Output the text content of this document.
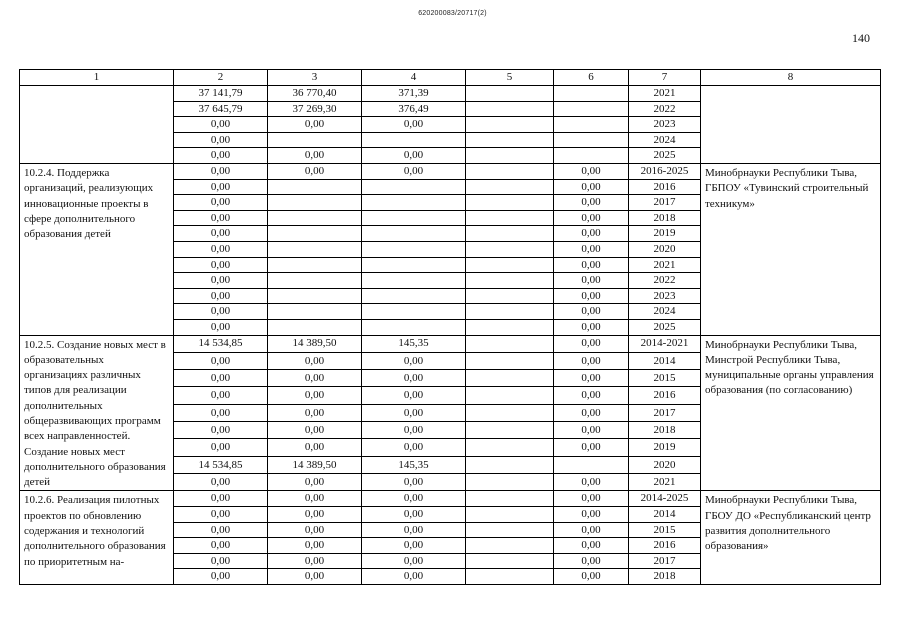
620200083/20717(2)
140
1	2	3	4	5	6	7	8
	37 141,79	36 770,40	371,39			2021	
	37 645,79	37 269,30	376,49			2022	
	0,00	0,00	0,00			2023	
	0,00					2024	
	0,00	0,00	0,00			2025	
10.2.4. Поддержка организаций, реализующих инновационные проекты в сфере дополнительного образования детей	0,00	0,00	0,00		0,00	2016-2025	Минобрнауки Республики Тыва, ГБПОУ «Тувинский строительный техникум»
	0,00				0,00	2016	
	0,00				0,00	2017	
	0,00				0,00	2018	
	0,00				0,00	2019	
	0,00				0,00	2020	
	0,00				0,00	2021	
	0,00				0,00	2022	
	0,00				0,00	2023	
	0,00				0,00	2024	
	0,00				0,00	2025	
10.2.5. Создание новых мест в образовательных организациях различных типов для реализации дополнительных общеразвивающих программ всех направленностей. Создание новых мест дополнительного образования детей	14 534,85	14 389,50	145,35		0,00	2014-2021	Минобрнауки Республики Тыва, Минстрой Республики Тыва, муниципальные органы управления образования (по согласованию)
	0,00	0,00	0,00		0,00	2014	
	0,00	0,00	0,00		0,00	2015	
	0,00	0,00	0,00		0,00	2016	
	0,00	0,00	0,00		0,00	2017	
	0,00	0,00	0,00		0,00	2018	
	0,00	0,00	0,00		0,00	2019	
	14 534,85	14 389,50	145,35			2020	
	0,00	0,00	0,00		0,00	2021	
10.2.6. Реализация пилотных проектов по обновлению содержания и технологий дополнительного образования по приоритетным на-	0,00	0,00	0,00		0,00	2014-2025	Минобрнауки Республики Тыва, ГБОУ ДО «Республиканский центр развития дополнительного образования»
	0,00	0,00	0,00		0,00	2014	
	0,00	0,00	0,00		0,00	2015	
	0,00	0,00	0,00		0,00	2016	
	0,00	0,00	0,00		0,00	2017	
	0,00	0,00	0,00		0,00	2018	
